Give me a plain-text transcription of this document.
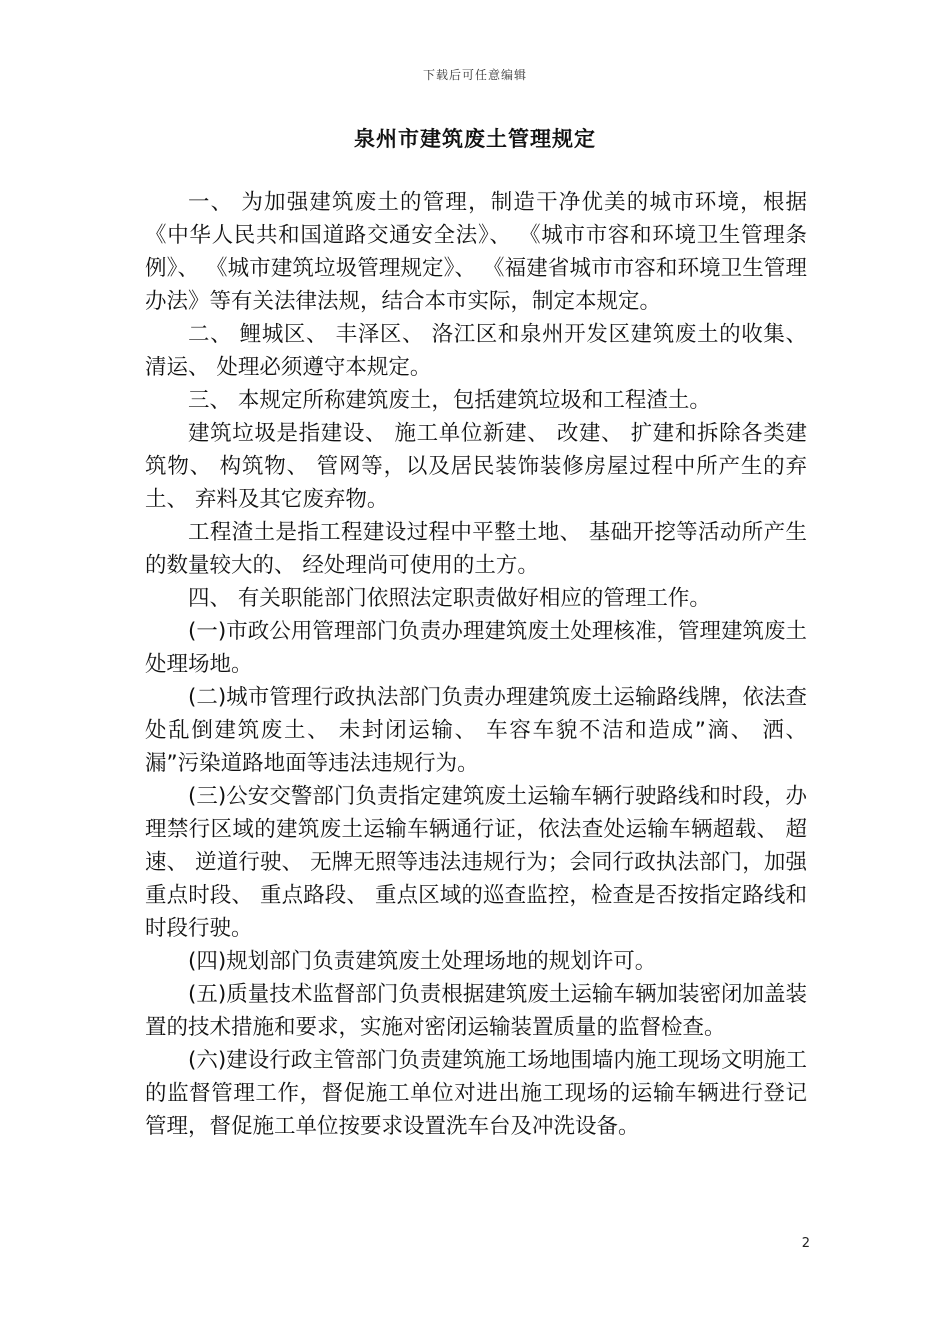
下载后可任意编辑
泉州市建筑废土管理规定

一、 为加强建筑废土的管理，制造干净优美的城市环境，根据《中华人民共和国道路交通安全法》、 《城市市容和环境卫生管理条例》、 《城市建筑垃圾管理规定》、 《福建省城市市容和环境卫生管理办法》等有关法律法规，结合本市实际，制定本规定。

二、 鲤城区、 丰泽区、 洛江区和泉州开发区建筑废土的收集、 清运、 处理必须遵守本规定。

三、 本规定所称建筑废土，包括建筑垃圾和工程渣土。

建筑垃圾是指建设、 施工单位新建、 改建、 扩建和拆除各类建筑物、 构筑物、 管网等，以及居民装饰装修房屋过程中所产生的弃土、 弃料及其它废弃物。

工程渣土是指工程建设过程中平整土地、 基础开挖等活动所产生的数量较大的、 经处理尚可使用的土方。

四、 有关职能部门依照法定职责做好相应的管理工作。

(一)市政公用管理部门负责办理建筑废土处理核准，管理建筑废土处理场地。

(二)城市管理行政执法部门负责办理建筑废土运输路线牌，依法查处乱倒建筑废土、 未封闭运输、 车容车貌不洁和造成”滴、 洒、 漏”污染道路地面等违法违规行为。

(三)公安交警部门负责指定建筑废土运输车辆行驶路线和时段，办理禁行区域的建筑废土运输车辆通行证，依法查处运输车辆超载、 超速、 逆道行驶、 无牌无照等违法违规行为；会同行政执法部门，加强重点时段、 重点路段、 重点区域的巡查监控，检查是否按指定路线和时段行驶。

(四)规划部门负责建筑废土处理场地的规划许可。

(五)质量技术监督部门负责根据建筑废土运输车辆加装密闭加盖装置的技术措施和要求，实施对密闭运输装置质量的监督检查。

(六)建设行政主管部门负责建筑施工场地围墙内施工现场文明施工的监督管理工作，督促施工单位对进出施工现场的运输车辆进行登记管理，督促施工单位按要求设置洗车台及冲洗设备。

2
